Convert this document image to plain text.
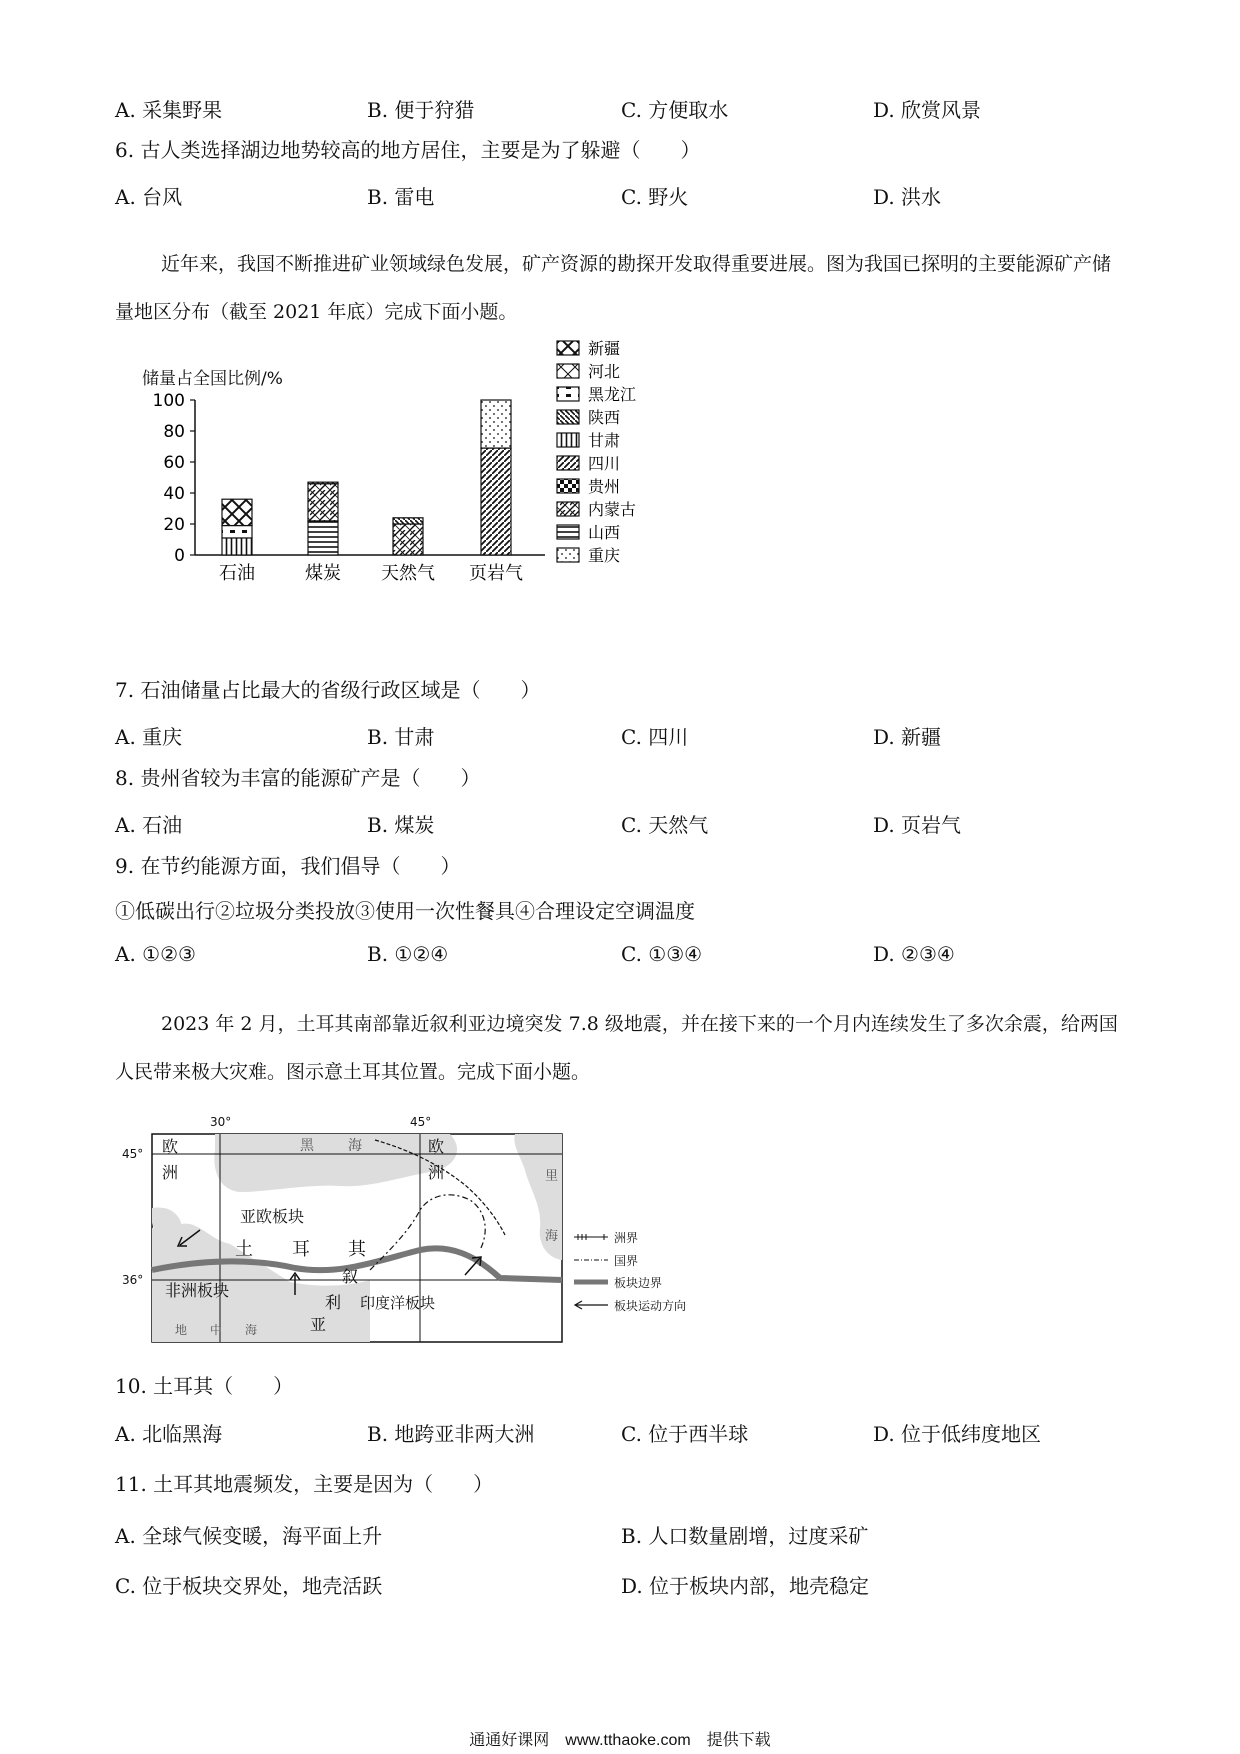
A. 采集野果	B. 便于狩猎	C. 方便取水	D. 欣赏风景
6. 古人类选择湖边地势较高的地方居住，主要是为了躲避（　　）
A. 台风	B. 雷电	C. 野火	D. 洪水
近年来，我国不断推进矿业领域绿色发展，矿产资源的勘探开发取得重要进展。图为我国已探明的主要能源矿产储量地区分布（截至 2021 年底）完成下面小题。
储量占全国比例/%
0
20
40
60
80
100
石油	煤炭 天然气 页岩气
新疆
河北
黑龙江
陕西
甘肃
四川
贵州
内蒙古
山西
重庆
7. 石油储量占比最大的省级行政区域是（　　）
A. 重庆	B. 甘肃	C. 四川	D. 新疆
8. 贵州省较为丰富的能源矿产是（　　）
A. 石油	B. 煤炭	C. 天然气	D. 页岩气
9. 在节约能源方面，我们倡导（　　）
①低碳出行②垃圾分类投放③使用一次性餐具④合理设定空调温度
A. ①②③	B. ①②④	C. ①③④	D. ②③④
2023 年 2 月，土耳其南部靠近叙利亚边境突发 7.8 级地震，并在接下来的一个月内连续发生了多次余震，给两国人民带来极大灾难。图示意土耳其位置。完成下面小题。
30°	45°
45°
36°
欧
洲
黑 海	欧
洲	里
海
亚欧板块
土 耳 其
非洲板块
地 中 海
叙
利
亚
印度洋板块
洲界
国界
板块边界
板块运动方向
10. 土耳其（　　）
A. 北临黑海	B. 地跨亚非两大洲	C. 位于西半球	D. 位于低纬度地区
11. 土耳其地震频发，主要是因为（　　）
A. 全球气候变暖，海平面上升	B. 人口数量剧增，过度采矿
C. 位于板块交界处，地壳活跃	D. 位于板块内部，地壳稳定
通通好课网　www.tthaoke.com　提供下载
